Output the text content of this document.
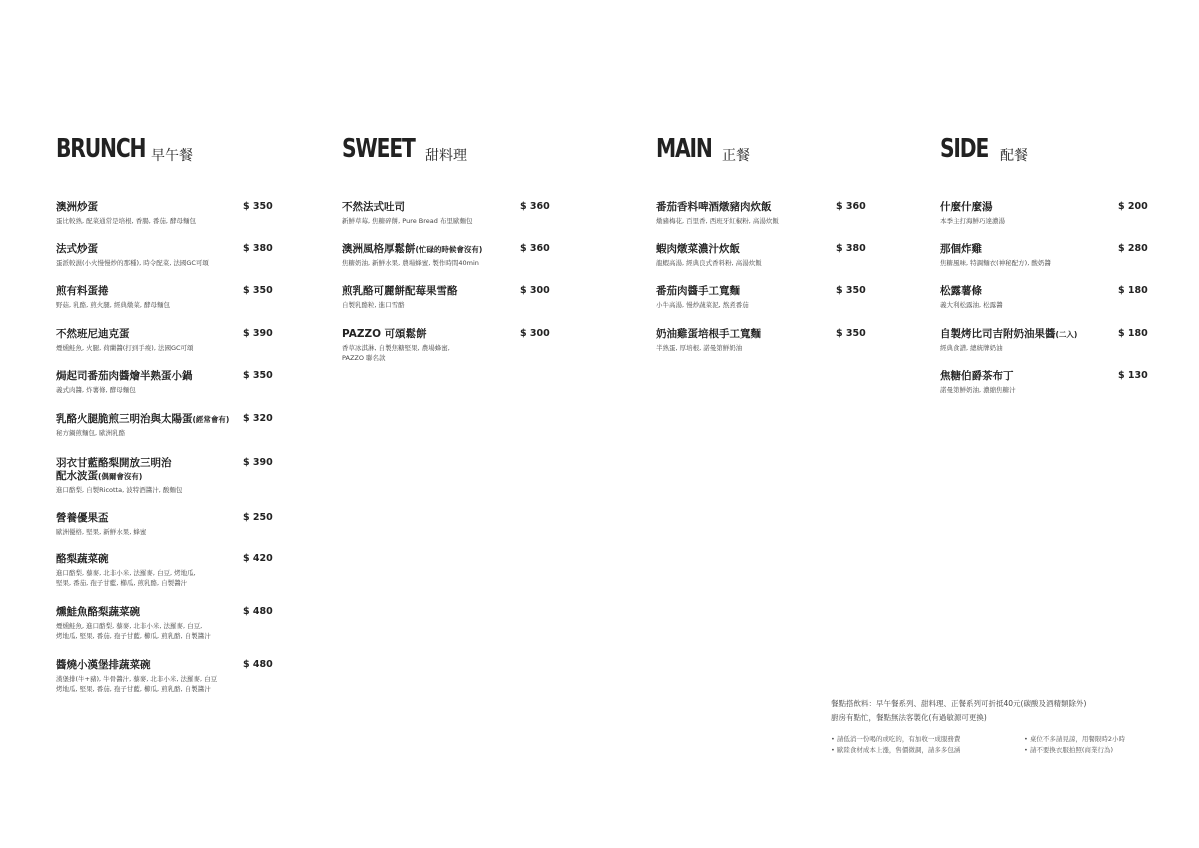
BRUNCH 早午餐
澳洲炒蛋	$ 350
蛋比較熟, 配菜通常是培根, 香腸, 番茄, 酵母麵包
法式炒蛋	$ 380
蛋派較濕(小火慢慢炒的那種), 時令配菜, 法國GC可頌
煎有料蛋捲	$ 350
野菇, 乳酪, 煎火腿, 經典燉菜, 酵母麵包
不然班尼迪克蛋	$ 390
煙燻鮭魚, 火腿, 荷蘭醬(打到手痠), 法國GC可頌
焗起司番茄肉醬燴半熟蛋小鍋	$ 350
義式肉醬, 炸薯條, 酵母麵包
乳酪火腿脆煎三明治與太陽蛋(經常會有)	$ 320
秘方鍋煎麵包, 歐洲乳酪
羽衣甘藍酪梨開放三明治
配水波蛋(偶爾會沒有)
$ 390
進口酪梨, 自製Ricotta, 波特酒醬汁, 酸麵包
營養優果盃	$ 250
歐洲優格, 堅果, 新鮮水果, 蜂蜜
酪梨蔬菜碗	$ 420
進口酪梨, 藜麥, 北非小米, 法羅麥, 白豆, 烤地瓜,
堅果, 番茄, 孢子甘藍, 櫛瓜, 煎乳酪, 自製醬汁
燻鮭魚酪梨蔬菜碗	$ 480
煙燻鮭魚, 進口酪梨, 藜麥, 北非小米, 法羅麥, 白豆,
烤地瓜, 堅果, 番茄, 孢子甘藍, 櫛瓜, 煎乳酪, 自製醬汁
醬燒小漢堡排蔬菜碗	$ 480
漢堡排(牛+豬), 牛骨醬汁, 藜麥, 北非小米, 法羅麥, 白豆
烤地瓜, 堅果, 番茄, 孢子甘藍, 櫛瓜, 煎乳酪, 自製醬汁
SWEET 甜料理
不然法式吐司	$ 360
新鮮草莓, 焦糖碎餅, Pure Bread 布里歐麵包
澳洲風格厚鬆餅(忙碌的時候會沒有)	$ 360
焦糖奶油, 新鮮水果, 農場蜂蜜, 製作時間40min
煎乳酪可麗餅配莓果雪酪	$ 300
自製乳酪粒, 進口雪酪
PAZZO 可頌鬆餅	$ 300
香草冰淇淋, 自製焦糖堅果, 農場蜂蜜,
PAZZO 聯名款
MAIN 正餐
番茄香料啤酒燉豬肉炊飯	$ 360
燉豬梅花, 百里香, 西班牙紅椒粉, 高湯炊飯
蝦肉燉菜濃汁炊飯	$ 380
龍蝦高湯, 經典良式香料粉, 高湯炊飯
番茄肉醬手工寬麵	$ 350
小牛高湯, 慢炒蔬菜泥, 熬煮番茄
奶油雞蛋培根手工寬麵	$ 350
半熟蛋, 厚培根, 諾曼第鮮奶油
SIDE 配餐
什麼什麼湯	$ 200
本季主打海鮮巧達濃湯
那個炸雞	$ 280
焦糖風味, 特調麵衣(神秘配方), 酸奶醬
松露薯條	$ 180
義大利松露油, 松露醬
自製烤比司吉附奶油果醬(二入)	$ 180
經典食譜, 總統牌奶油
焦糖伯爵茶布丁	$ 130
諾曼第鮮奶油, 濃縮焦糖汁
餐點搭飲料：早午餐系列、甜料理、正餐系列可折抵40元(碳酸及酒精類除外)
廚房有點忙，餐點無法客製化(有過敏源可更換)
• 請低消一份喝的或吃的，有加收一成服務費
• 歐陸食材成本上漲，售價微調，請多多包涵
• 桌位不多請見諒，用餐限時2小時
• 請不要換衣服拍照(商業行為)
